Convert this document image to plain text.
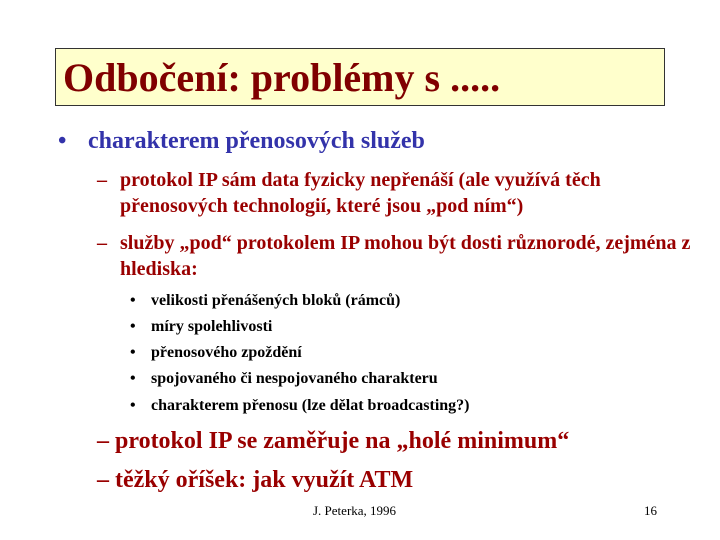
Odbočení: problémy s .....
• charakterem přenosových služeb
– protokol IP sám data fyzicky nepřenáší (ale využívá těch přenosových technologií, které jsou „pod ním“)
– služby „pod“ protokolem IP mohou být dosti různorodé, zejména z hlediska:
• velikosti přenášených bloků (rámců)
• míry spolehlivosti
• přenosového zpoždění
• spojovaného či nespojovaného charakteru
• charakterem přenosu (lze dělat broadcasting?)
– protokol IP se zaměřuje na „holé minimum“
– těžký oříšek: jak využít ATM
J. Peterka, 1996	16
